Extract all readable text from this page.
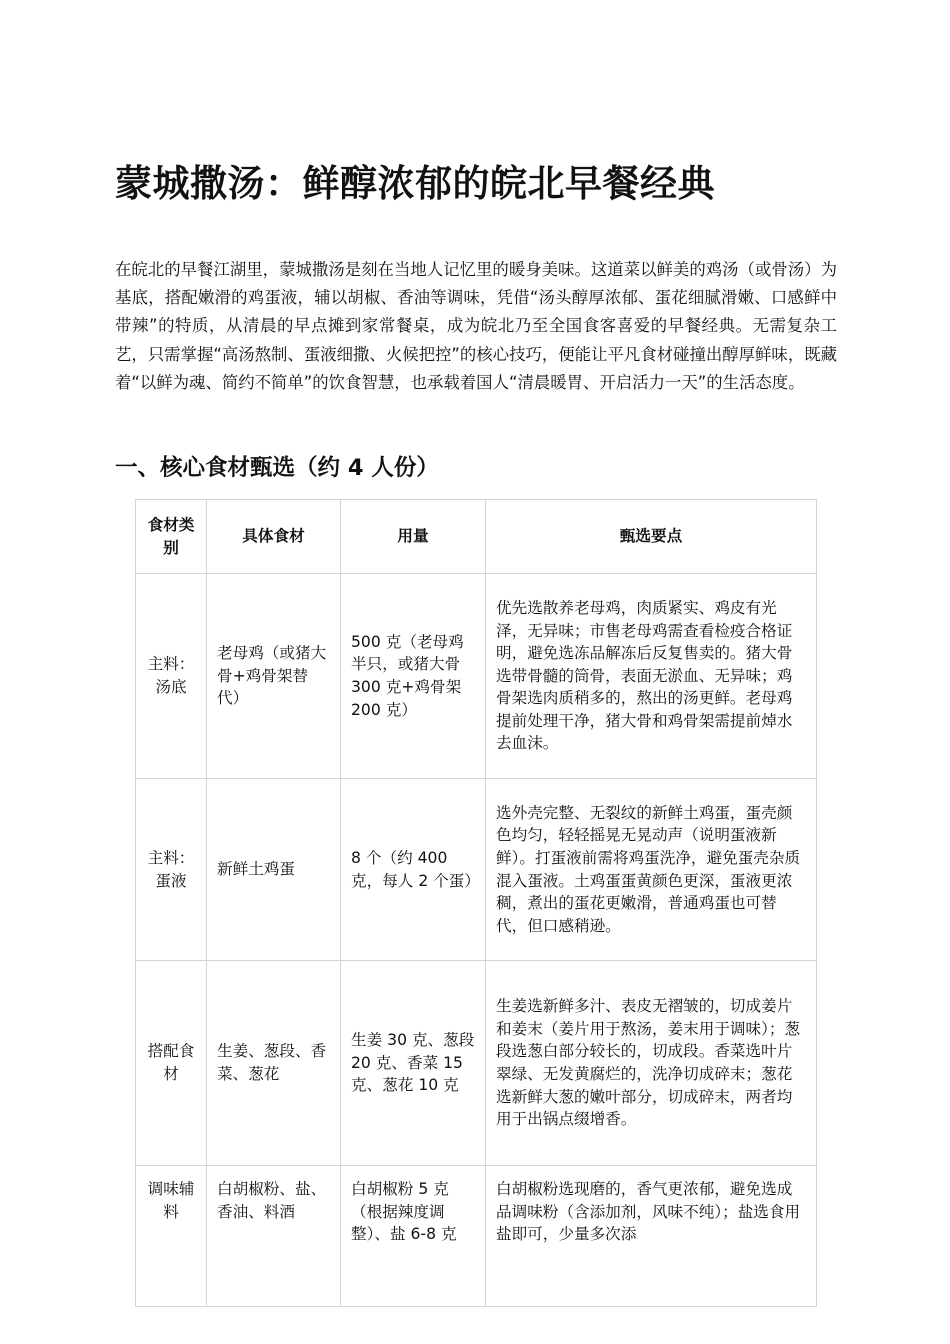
蒙城撒汤：鲜醇浓郁的皖北早餐经典

在皖北的早餐江湖里，蒙城撒汤是刻在当地人记忆里的暖身美味。这道菜以鲜美的鸡汤（或骨汤）为基底，搭配嫩滑的鸡蛋液，辅以胡椒、香油等调味，凭借“汤头醇厚浓郁、蛋花细腻滑嫩、口感鲜中带辣”的特质，从清晨的早点摊到家常餐桌，成为皖北乃至全国食客喜爱的早餐经典。无需复杂工艺，只需掌握“高汤熬制、蛋液细撒、火候把控”的核心技巧，便能让平凡食材碰撞出醇厚鲜味，既藏着“以鲜为魂、简约不简单”的饮食智慧，也承载着国人“清晨暖胃、开启活力一天”的生活态度。

一、核心食材甄选（约 4 人份）
食材类别	具体食材	用量	甄选要点
主料：汤底	老母鸡（或猪大骨+鸡骨架替代）	500 克（老母鸡半只，或猪大骨 300 克+鸡骨架 200 克）	优先选散养老母鸡，肉质紧实、鸡皮有光泽，无异味；市售老母鸡需查看检疫合格证明，避免选冻品解冻后反复售卖的。猪大骨选带骨髓的筒骨，表面无淤血、无异味；鸡骨架选肉质稍多的，熬出的汤更鲜。老母鸡提前处理干净，猪大骨和鸡骨架需提前焯水去血沫。
主料：蛋液	新鲜土鸡蛋	8 个（约 400 克，每人 2 个蛋）	选外壳完整、无裂纹的新鲜土鸡蛋，蛋壳颜色均匀，轻轻摇晃无晃动声（说明蛋液新鲜）。打蛋液前需将鸡蛋洗净，避免蛋壳杂质混入蛋液。土鸡蛋蛋黄颜色更深，蛋液更浓稠，煮出的蛋花更嫩滑，普通鸡蛋也可替代，但口感稍逊。
搭配食材	生姜、葱段、香菜、葱花	生姜 30 克、葱段 20 克、香菜 15 克、葱花 10 克	生姜选新鲜多汁、表皮无褶皱的，切成姜片和姜末（姜片用于熬汤，姜末用于调味）；葱段选葱白部分较长的，切成段。香菜选叶片翠绿、无发黄腐烂的，洗净切成碎末；葱花选新鲜大葱的嫩叶部分，切成碎末，两者均用于出锅点缀增香。
调味辅料	白胡椒粉、盐、香油、料酒	白胡椒粉 5 克（根据辣度调整）、盐 6-8 克	白胡椒粉选现磨的，香气更浓郁，避免选成品调味粉（含添加剂，风味不纯）；盐选食用盐即可，少量多次添
